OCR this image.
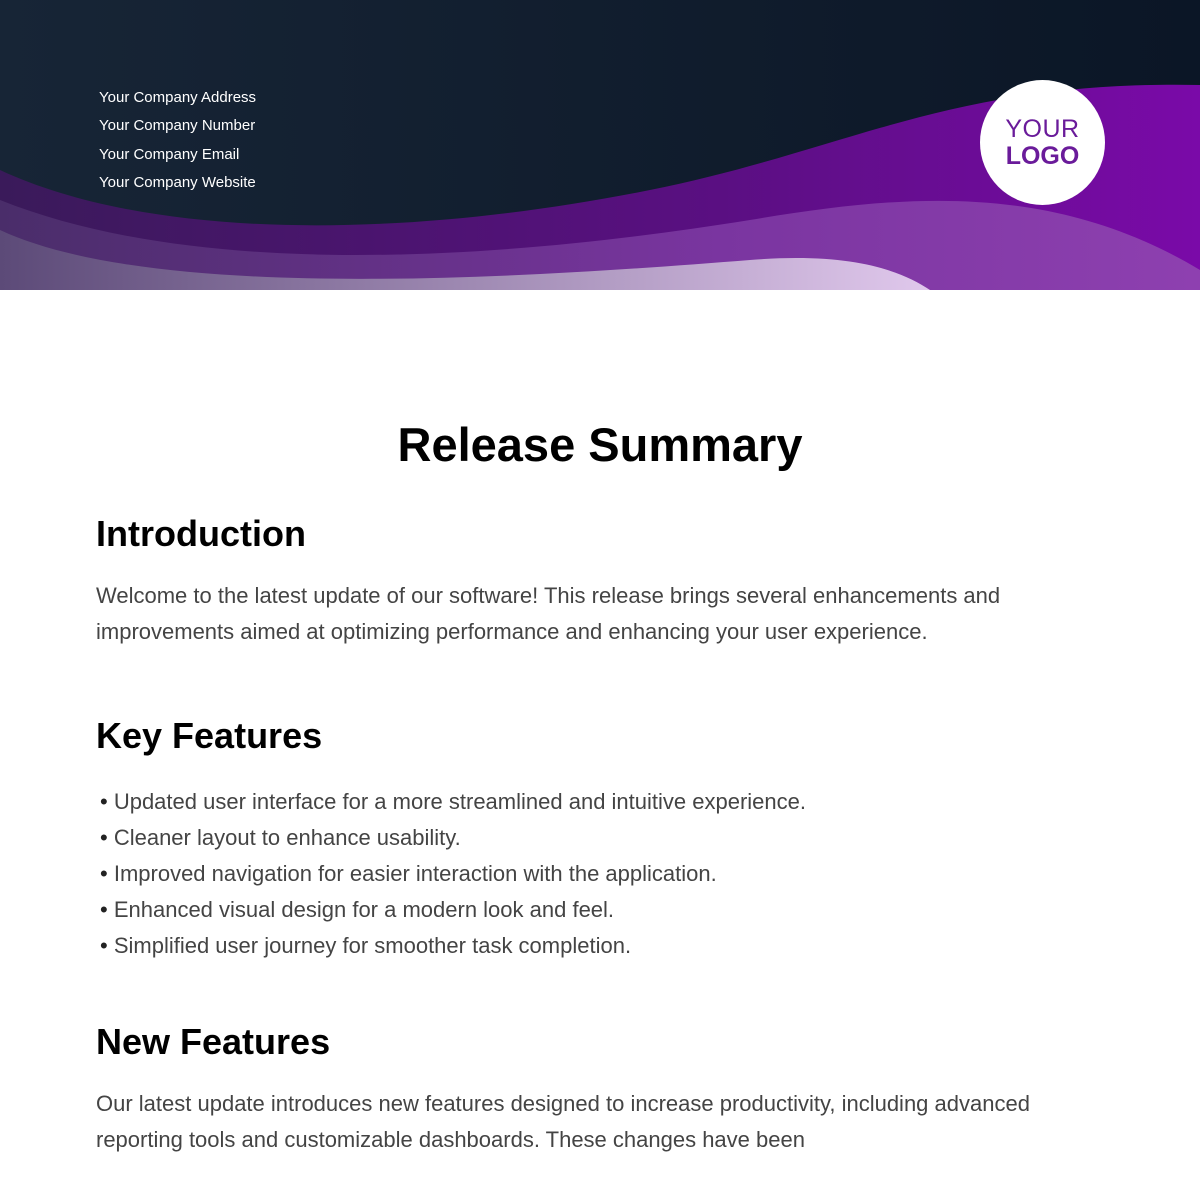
Your Company Address
Your Company Number
Your Company Email
Your Company Website
YOUR
LOGO
Release Summary
Introduction

Welcome to the latest update of our software! This release brings several enhancements and improvements aimed at optimizing performance and enhancing your user experience.

Key Features
• Updated user interface for a more streamlined and intuitive experience.
• Cleaner layout to enhance usability.
• Improved navigation for easier interaction with the application.
• Enhanced visual design for a modern look and feel.
• Simplified user journey for smoother task completion.
New Features

Our latest update introduces new features designed to increase productivity, including advanced reporting tools and customizable dashboards. These changes have been
